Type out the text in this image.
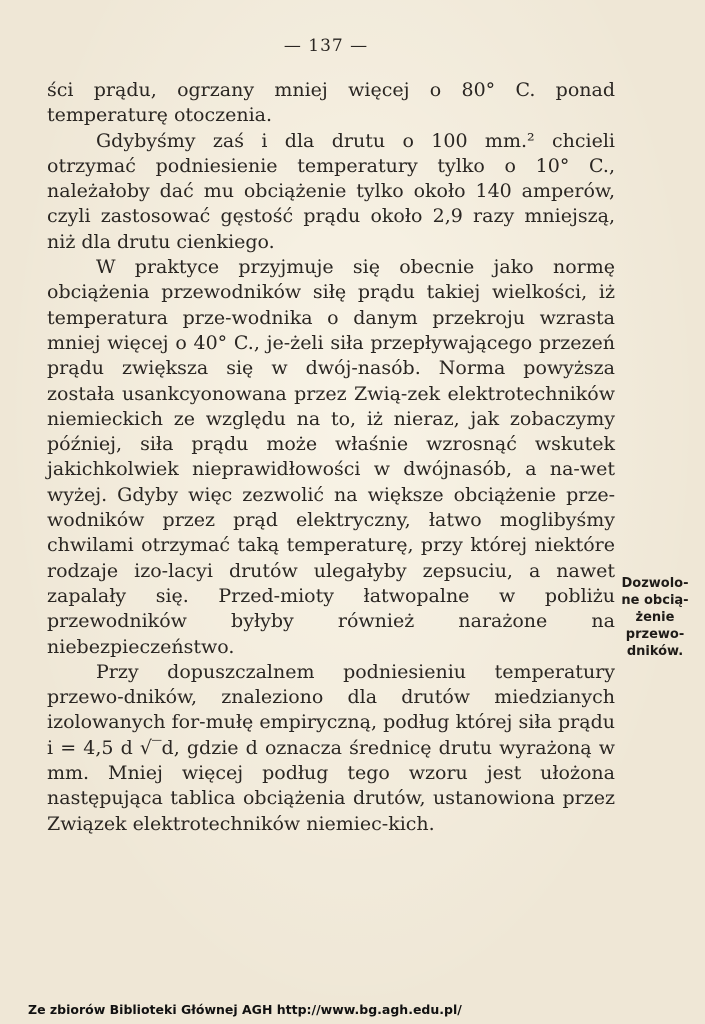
— 137 —

ści prądu, ogrzany mniej więcej o 80° C. ponad temperaturę otoczenia.

Gdybyśmy zaś i dla drutu o 100 mm.² chcieli otrzymać podniesienie temperatury tylko o 10° C., należałoby dać mu obciążenie tylko około 140 amperów, czyli zastosować gęstość prądu około 2,9 razy mniejszą, niż dla drutu cienkiego.

W praktyce przyjmuje się obecnie jako normę obciążenia przewodników siłę prądu takiej wielkości, iż temperatura prze-wodnika o danym przekroju wzrasta mniej więcej o 40° C., je-żeli siła przepływającego przezeń prądu zwiększa się w dwój-nasób. Norma powyższa została usankcyonowana przez Zwią-zek elektrotechników niemieckich ze względu na to, iż nieraz, jak zobaczymy później, siła prądu może właśnie wzrosnąć wskutek jakichkolwiek nieprawidłowości w dwójnasób, a na-wet wyżej. Gdyby więc zezwolić na większe obciążenie prze-wodników przez prąd elektryczny, łatwo moglibyśmy chwilami otrzymać taką temperaturę, przy której niektóre rodzaje izo-lacyi drutów ulegałyby zepsuciu, a nawet zapalały się. Przed-mioty łatwopalne w pobliżu przewodników byłyby również narażone na niebezpieczeństwo.

Przy dopuszczalnem podniesieniu temperatury przewo-dników, znaleziono dla drutów miedzianych izolowanych for-mułę empiryczną, podług której siła prądu i = 4,5 d √‾d, gdzie d oznacza średnicę drutu wyrażoną w mm. Mniej więcej podług tego wzoru jest ułożona następująca tablica obciążenia drutów, ustanowiona przez Związek elektrotechników niemiec-kich.

Dozwolo-
ne obcią-
żenie
przewo-
dników.
Ze zbiorów Biblioteki Głównej AGH http://www.bg.agh.edu.pl/
